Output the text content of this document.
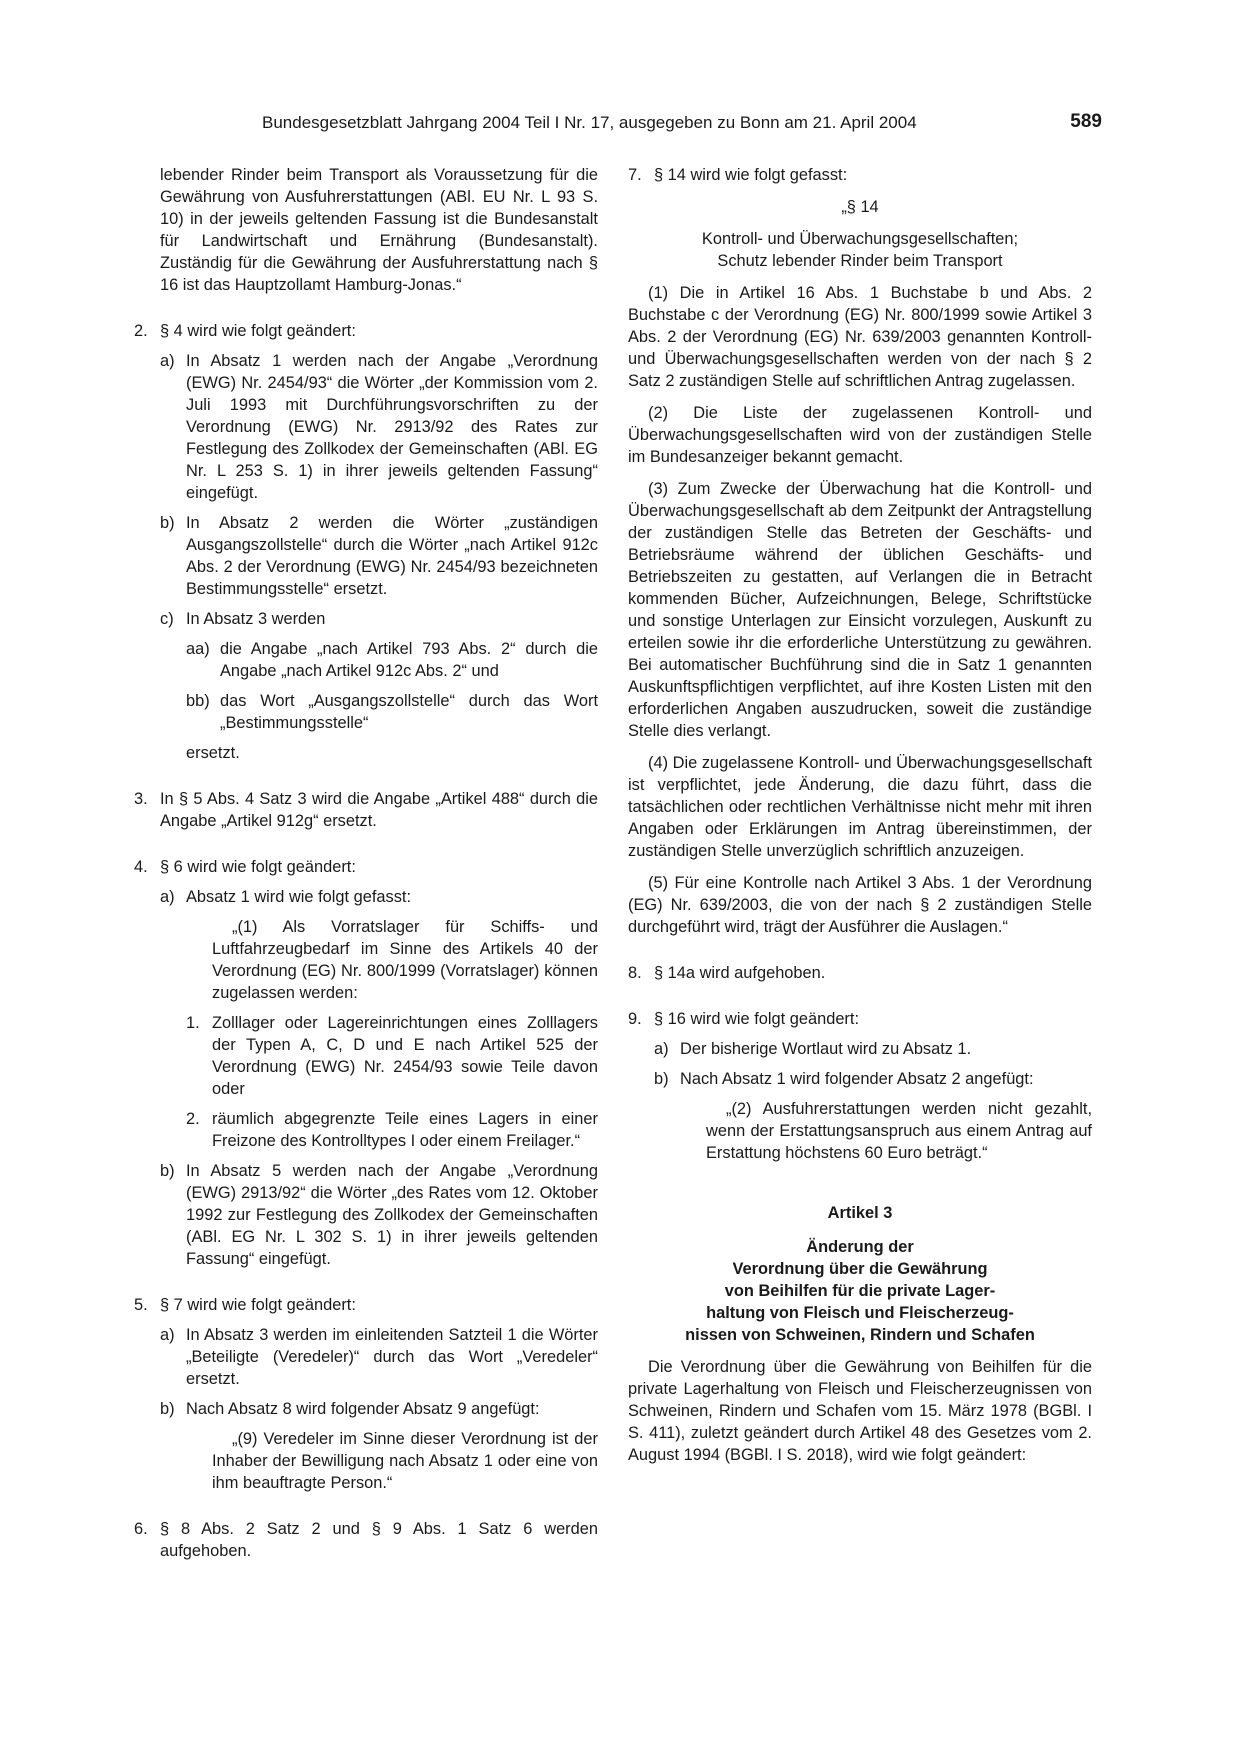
Bundesgesetzblatt Jahrgang 2004 Teil I Nr. 17, ausgegeben zu Bonn am 21. April 2004	589

lebender Rinder beim Transport als Voraussetzung für die Gewährung von Ausfuhrerstattungen (ABl. EU Nr. L 93 S. 10) in der jeweils geltenden Fassung ist die Bundesanstalt für Landwirtschaft und Ernährung (Bundesanstalt). Zuständig für die Gewährung der Ausfuhrerstattung nach § 16 ist das Hauptzollamt Hamburg-Jonas.“

2. § 4 wird wie folgt geändert:

a) In Absatz 1 werden nach der Angabe „Verordnung (EWG) Nr. 2454/93“ die Wörter „der Kommission vom 2. Juli 1993 mit Durchführungsvorschriften zu der Verordnung (EWG) Nr. 2913/92 des Rates zur Festlegung des Zollkodex der Gemeinschaften (ABl. EG Nr. L 253 S. 1) in ihrer jeweils geltenden Fassung“ eingefügt.

b) In Absatz 2 werden die Wörter „zuständigen Ausgangszollstelle“ durch die Wörter „nach Artikel 912c Abs. 2 der Verordnung (EWG) Nr. 2454/93 bezeichneten Bestimmungsstelle“ ersetzt.

c) In Absatz 3 werden

aa) die Angabe „nach Artikel 793 Abs. 2“ durch die Angabe „nach Artikel 912c Abs. 2“ und

bb) das Wort „Ausgangszollstelle“ durch das Wort „Bestimmungsstelle“

ersetzt.

3. In § 5 Abs. 4 Satz 3 wird die Angabe „Artikel 488“ durch die Angabe „Artikel 912g“ ersetzt.

4. § 6 wird wie folgt geändert:

a) Absatz 1 wird wie folgt gefasst:

„(1) Als Vorratslager für Schiffs- und Luftfahrzeugbedarf im Sinne des Artikels 40 der Verordnung (EG) Nr. 800/1999 (Vorratslager) können zugelassen werden:

1. Zolllager oder Lagereinrichtungen eines Zolllagers der Typen A, C, D und E nach Artikel 525 der Verordnung (EWG) Nr. 2454/93 sowie Teile davon oder

2. räumlich abgegrenzte Teile eines Lagers in einer Freizone des Kontrolltypes I oder einem Freilager.“

b) In Absatz 5 werden nach der Angabe „Verordnung (EWG) 2913/92“ die Wörter „des Rates vom 12. Oktober 1992 zur Festlegung des Zollkodex der Gemeinschaften (ABl. EG Nr. L 302 S. 1) in ihrer jeweils geltenden Fassung“ eingefügt.

5. § 7 wird wie folgt geändert:

a) In Absatz 3 werden im einleitenden Satzteil 1 die Wörter „Beteiligte (Veredeler)“ durch das Wort „Veredeler“ ersetzt.

b) Nach Absatz 8 wird folgender Absatz 9 angefügt:

„(9) Veredeler im Sinne dieser Verordnung ist der Inhaber der Bewilligung nach Absatz 1 oder eine von ihm beauftragte Person.“

6. § 8 Abs. 2 Satz 2 und § 9 Abs. 1 Satz 6 werden aufgehoben.

7. § 14 wird wie folgt gefasst:

„§ 14

Kontroll- und Überwachungsgesellschaften;

Schutz lebender Rinder beim Transport

(1) Die in Artikel 16 Abs. 1 Buchstabe b und Abs. 2 Buchstabe c der Verordnung (EG) Nr. 800/1999 sowie Artikel 3 Abs. 2 der Verordnung (EG) Nr. 639/2003 genannten Kontroll- und Überwachungsgesellschaften werden von der nach § 2 Satz 2 zuständigen Stelle auf schriftlichen Antrag zugelassen.

(2) Die Liste der zugelassenen Kontroll- und Überwachungsgesellschaften wird von der zuständigen Stelle im Bundesanzeiger bekannt gemacht.

(3) Zum Zwecke der Überwachung hat die Kontroll- und Überwachungsgesellschaft ab dem Zeitpunkt der Antragstellung der zuständigen Stelle das Betreten der Geschäfts- und Betriebsräume während der üblichen Geschäfts- und Betriebszeiten zu gestatten, auf Verlangen die in Betracht kommenden Bücher, Aufzeichnungen, Belege, Schriftstücke und sonstige Unterlagen zur Einsicht vorzulegen, Auskunft zu erteilen sowie ihr die erforderliche Unterstützung zu gewähren. Bei automatischer Buchführung sind die in Satz 1 genannten Auskunftspflichtigen verpflichtet, auf ihre Kosten Listen mit den erforderlichen Angaben auszudrucken, soweit die zuständige Stelle dies verlangt.

(4) Die zugelassene Kontroll- und Überwachungsgesellschaft ist verpflichtet, jede Änderung, die dazu führt, dass die tatsächlichen oder rechtlichen Verhältnisse nicht mehr mit ihren Angaben oder Erklärungen im Antrag übereinstimmen, der zuständigen Stelle unverzüglich schriftlich anzuzeigen.

(5) Für eine Kontrolle nach Artikel 3 Abs. 1 der Verordnung (EG) Nr. 639/2003, die von der nach § 2 zuständigen Stelle durchgeführt wird, trägt der Ausführer die Auslagen.“

8. § 14a wird aufgehoben.

9. § 16 wird wie folgt geändert:

a) Der bisherige Wortlaut wird zu Absatz 1.

b) Nach Absatz 1 wird folgender Absatz 2 angefügt:

„(2) Ausfuhrerstattungen werden nicht gezahlt, wenn der Erstattungsanspruch aus einem Antrag auf Erstattung höchstens 60 Euro beträgt.“

Artikel 3

Änderung der

Verordnung über die Gewährung

von Beihilfen für die private Lager-

haltung von Fleisch und Fleischerzeug-

nissen von Schweinen, Rindern und Schafen

Die Verordnung über die Gewährung von Beihilfen für die private Lagerhaltung von Fleisch und Fleischerzeugnissen von Schweinen, Rindern und Schafen vom 15. März 1978 (BGBl. I S. 411), zuletzt geändert durch Artikel 48 des Gesetzes vom 2. August 1994 (BGBl. I S. 2018), wird wie folgt geändert:
